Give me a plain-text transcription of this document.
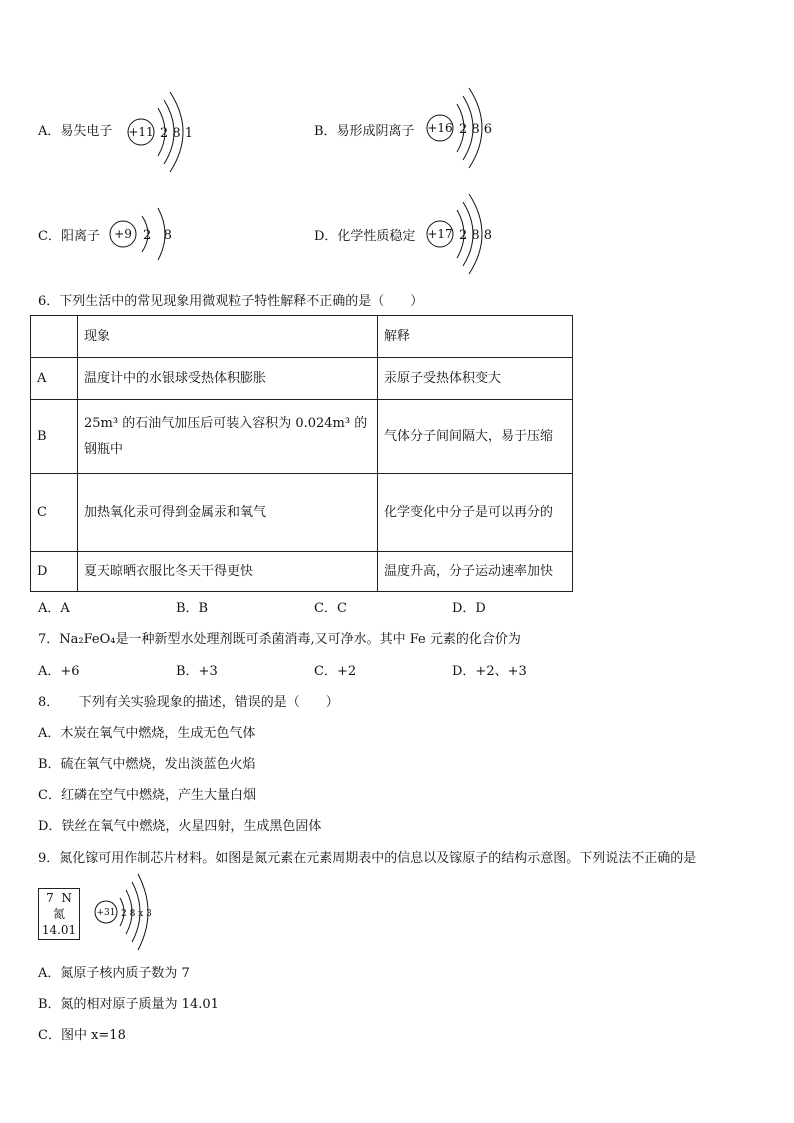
A．易失电子 +11 2 8 1	B．易形成阴离子 +16 2 8 6
C．阳离子 +9 2   8	D．化学性质稳定 +17 2 8 8
6．下列生活中的常见现象用微观粒子特性解释不正确的是（　　）
	现象	解释
A	温度计中的水银球受热体积膨胀	汞原子受热体积变大
B	25m³ 的石油气加压后可装入容积为 0.024m³ 的钢瓶中	气体分子间间隔大，易于压缩
C	加热氧化汞可得到金属汞和氧气	化学变化中分子是可以再分的
D	夏天晾晒衣服比冬天干得更快	温度升高，分子运动速率加快
A．A	B．B	C．C	D．D
7．Na₂FeO₄是一种新型水处理剂既可杀菌消毒,又可净水。其中 Fe 元素的化合价为
A．+6	B．+3	C．+2	D．+2、+3
8．　　下列有关实验现象的描述，错误的是（　　）
A．木炭在氧气中燃烧，生成无色气体
B．硫在氧气中燃烧，发出淡蓝色火焰
C．红磷在空气中燃烧，产生大量白烟
D．铁丝在氧气中燃烧，火星四射，生成黑色固体
9．氮化镓可用作制芯片材料。如图是氮元素在元素周期表中的信息以及镓原子的结构示意图。下列说法不正确的是
7  N
氮
14.01
+31 2 8 x 3
A．氮原子核内质子数为 7
B．氮的相对原子质量为 14.01
C．图中 x=18
